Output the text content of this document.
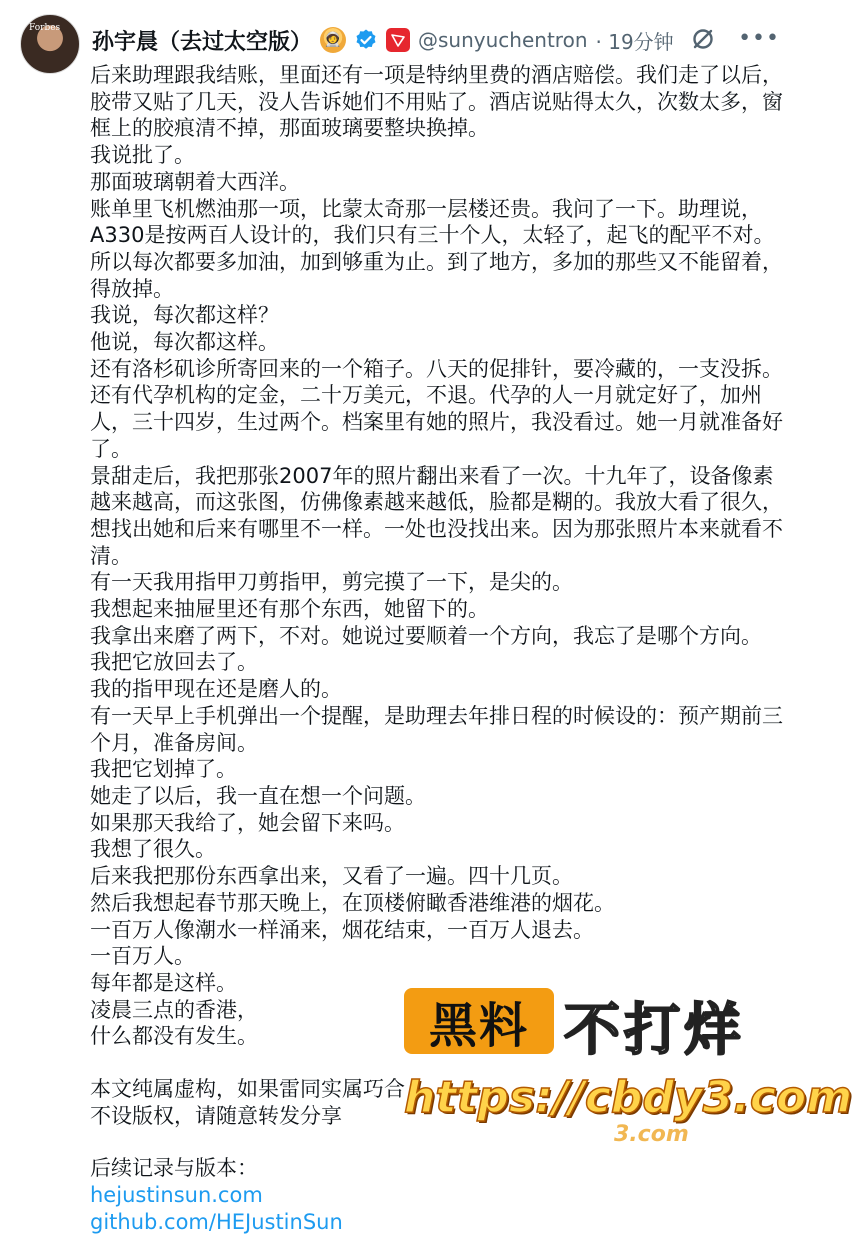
Forbes
孙宇晨（去过太空版） 🧑‍🚀	@sunyuchentron · 19分钟	•••
后来助理跟我结账，里面还有一项是特纳里费的酒店赔偿。我们走了以后，胶带又贴了几天，没人告诉她们不用贴了。酒店说贴得太久，次数太多，窗框上的胶痕清不掉，那面玻璃要整块换掉。
我说批了。
那面玻璃朝着大西洋。
账单里飞机燃油那一项，比蒙太奇那一层楼还贵。我问了一下。助理说，A330是按两百人设计的，我们只有三十个人，太轻了，起飞的配平不对。所以每次都要多加油，加到够重为止。到了地方，多加的那些又不能留着，得放掉。
我说，每次都这样？
他说，每次都这样。
还有洛杉矶诊所寄回来的一个箱子。八天的促排针，要冷藏的，一支没拆。
还有代孕机构的定金，二十万美元，不退。代孕的人一月就定好了，加州人，三十四岁，生过两个。档案里有她的照片，我没看过。她一月就准备好了。
景甜走后，我把那张2007年的照片翻出来看了一次。十九年了，设备像素越来越高，而这张图，仿佛像素越来越低，脸都是糊的。我放大看了很久，想找出她和后来有哪里不一样。一处也没找出来。因为那张照片本来就看不清。
有一天我用指甲刀剪指甲，剪完摸了一下，是尖的。
我想起来抽屉里还有那个东西，她留下的。
我拿出来磨了两下，不对。她说过要顺着一个方向，我忘了是哪个方向。
我把它放回去了。
我的指甲现在还是磨人的。
有一天早上手机弹出一个提醒，是助理去年排日程的时候设的：预产期前三个月，准备房间。
我把它划掉了。
她走了以后，我一直在想一个问题。
如果那天我给了，她会留下来吗。
我想了很久。
后来我把那份东西拿出来，又看了一遍。四十几页。
然后我想起春节那天晚上，在顶楼俯瞰香港维港的烟花。
一百万人像潮水一样涌来，烟花结束，一百万人退去。
一百万人。
每年都是这样。
凌晨三点的香港，
什么都没有发生。
本文纯属虚构，如果雷同实属巧合
不设版权，请随意转发分享
后续记录与版本：
hejustinsun.com
github.com/HEJustinSun
黑料 不打烊
https://cbdy3.com
3.com
